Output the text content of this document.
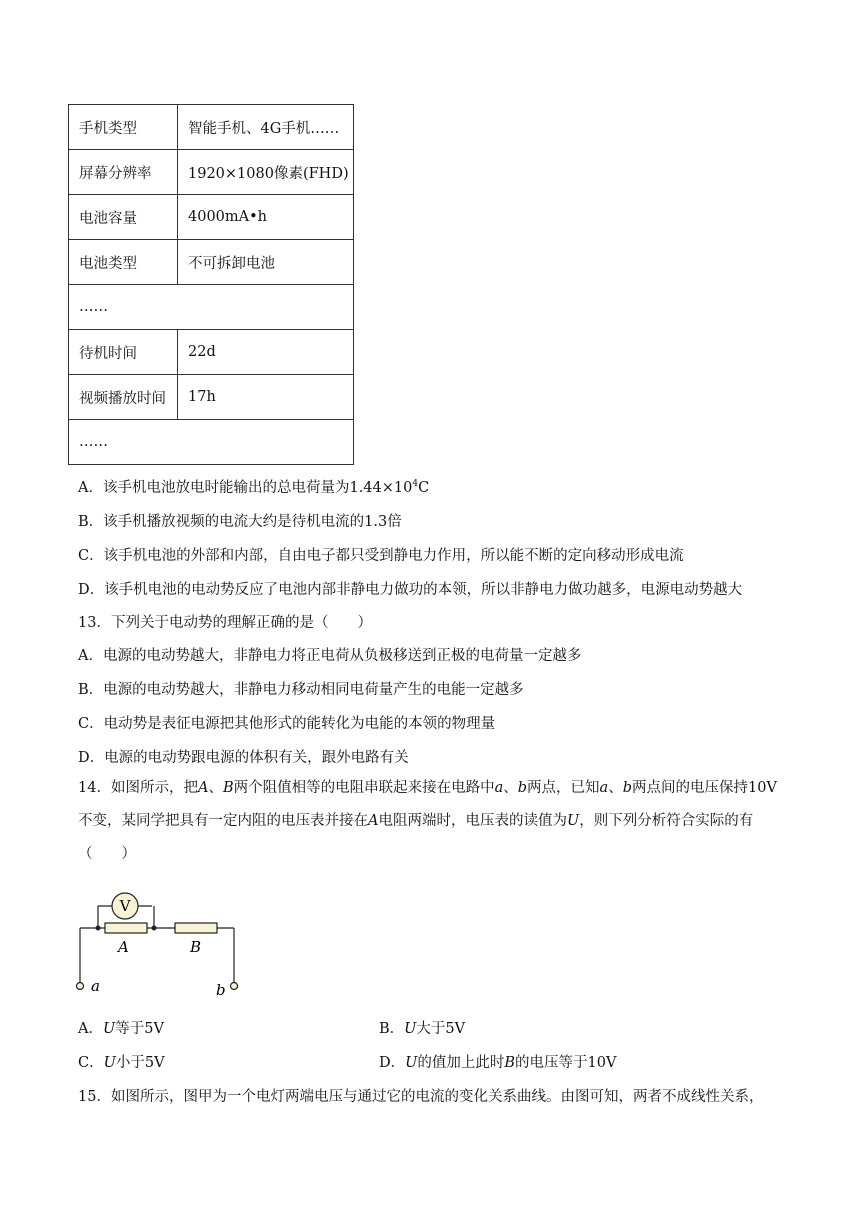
手机类型	智能手机、4G手机……
屏幕分辨率	1920×1080像素(FHD)
电池容量	4000mA•h
电池类型	不可拆卸电池
……	
待机时间	22d
视频播放时间	17h
……	
A．该手机电池放电时能输出的总电荷量为$1.44\times 10^4C$
B．该手机播放视频的电流大约是待机电流的1.3倍
C．该手机电池的外部和内部，自由电子都只受到静电力作用，所以能不断的定向移动形成电流
D．该手机电池的电动势反应了电池内部非静电力做功的本领，所以非静电力做功越多，电源电动势越大
13．下列关于电动势的理解正确的是（　　）
A．电源的电动势越大，非静电力将正电荷从负极移送到正极的电荷量一定越多
B．电源的电动势越大，非静电力移动相同电荷量产生的电能一定越多
C．电动势是表征电源把其他形式的能转化为电能的本领的物理量
D．电源的电动势跟电源的体积有关，跟外电路有关
14．如图所示，把A、B两个阻值相等的电阻串联起来接在电路中a、b两点，已知a、b两点间的电压保持10V不变，某同学把具有一定内阻的电压表并接在A电阻两端时，电压表的读值为U，则下列分析符合实际的有（　　）
V
A	B
a	b
A．U等于5V	B．U大于5V
C．U小于5V	D．U的值加上此时B的电压等于10V
15．如图所示，图甲为一个电灯两端电压与通过它的电流的变化关系曲线。由图可知，两者不成线性关系，
